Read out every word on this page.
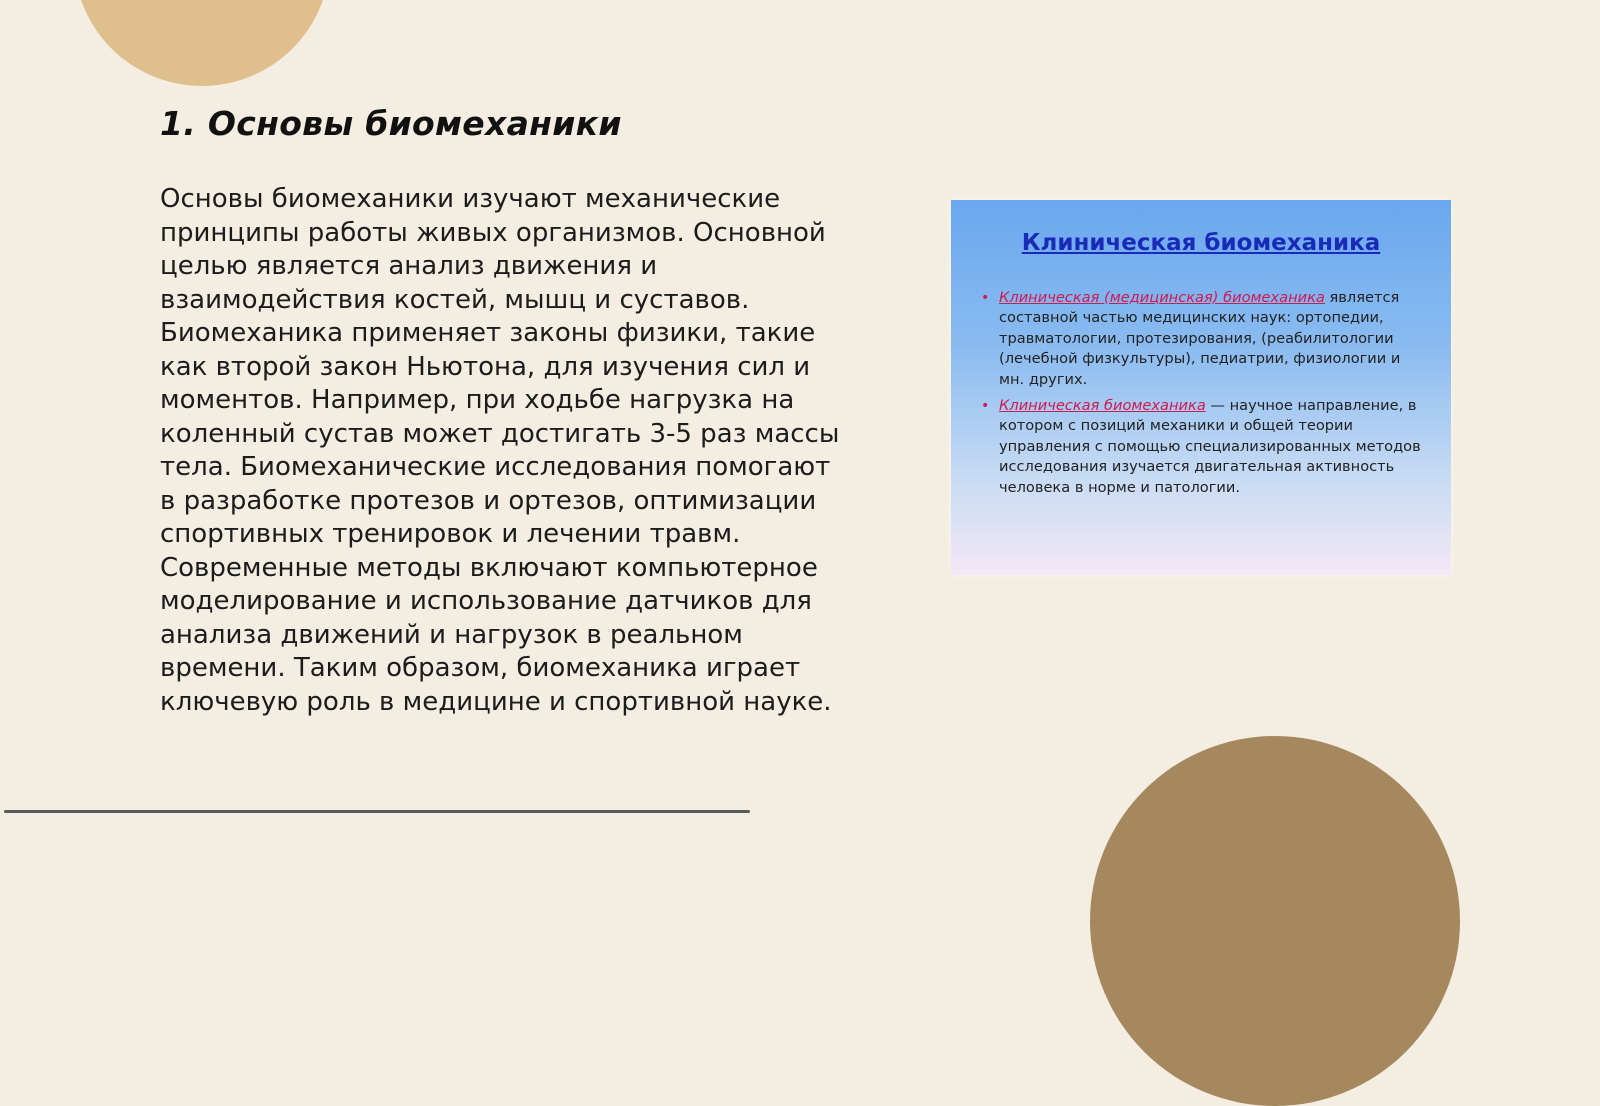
1. Основы биомеханики

Основы биомеханики изучают механические принципы работы живых организмов. Основной целью является анализ движения и взаимодействия костей, мышц и суставов. Биомеханика применяет законы физики, такие как второй закон Ньютона, для изучения сил и моментов. Например, при ходьбе нагрузка на коленный сустав может достигать 3-5 раз массы тела. Биомеханические исследования помогают в разработке протезов и ортезов, оптимизации спортивных тренировок и лечении травм. Современные методы включают компьютерное моделирование и использование датчиков для анализа движений и нагрузок в реальном времени. Таким образом, биомеханика играет ключевую роль в медицине и спортивной науке.

Клиническая биомеханика
• Клиническая (медицинская) биомеханика является составной частью медицинских наук: ортопедии, травматологии, протезирования, (реабилитологии (лечебной физкультуры), педиатрии, физиологии и мн. других.
• Клиническая биомеханика — научное направление, в котором с позиций механики и общей теории управления с помощью специализированных методов исследования изучается двигательная активность человека в норме и патологии.
